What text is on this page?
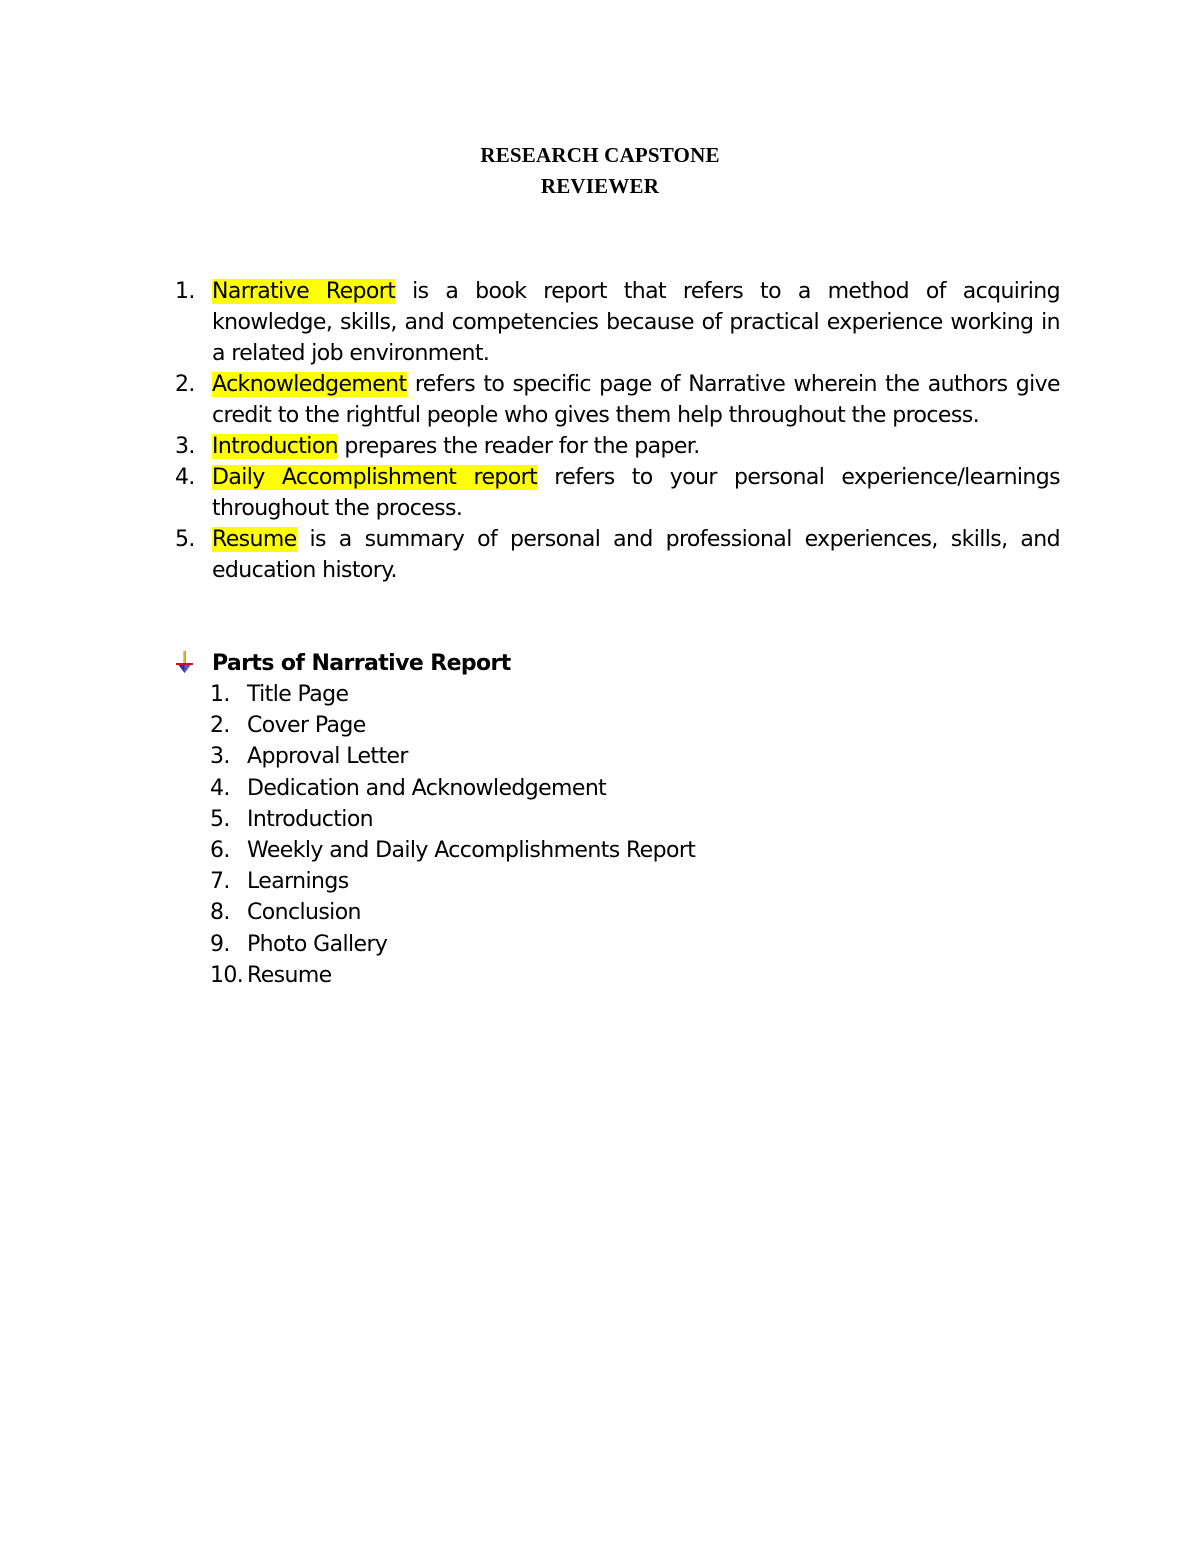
RESEARCH CAPSTONE
REVIEWER
1. Narrative Report is a book report that refers to a method of acquiring knowledge, skills, and competencies because of practical experience working in a related job environment.
2. Acknowledgement refers to specific page of Narrative wherein the authors give credit to the rightful people who gives them help throughout the process.
3. Introduction prepares the reader for the paper.
4. Daily Accomplishment report refers to your personal experience/learnings throughout the process.
5. Resume is a summary of personal and professional experiences, skills, and education history.
Parts of Narrative Report
1. Title Page
2. Cover Page
3. Approval Letter
4. Dedication and Acknowledgement
5. Introduction
6. Weekly and Daily Accomplishments Report
7. Learnings
8. Conclusion
9. Photo Gallery
10. Resume
